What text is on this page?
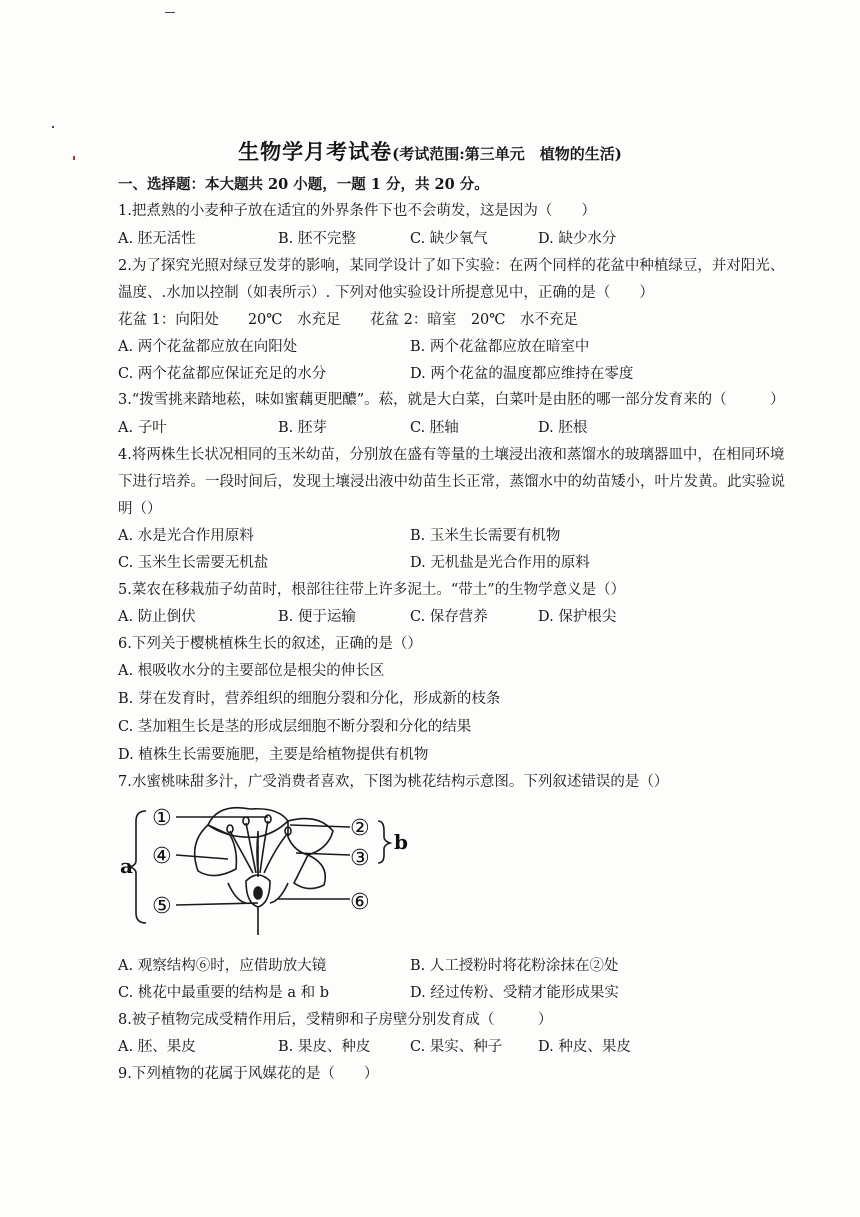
生物学月考试卷(考试范围:第三单元　植物的生活)
一、选择题：本大题共 20 小题，一题 1 分，共 20 分。
1.把煮熟的小麦种子放在适宜的外界条件下也不会萌发，这是因为（　　）
A. 胚无活性	B. 胚不完整	C. 缺少氧气	D. 缺少水分
2.为了探究光照对绿豆发芽的影响，某同学设计了如下实验：在两个同样的花盆中种植绿豆，并对阳光、
温度、.水加以控制（如表所示）. 下列对他实验设计所提意见中，正确的是（　　）
花盆 1：向阳处　　20℃　水充足 花盆 2：暗室　20℃　水不充足
A. 两个花盆都应放在向阳处	B. 两个花盆都应放在暗室中
C. 两个花盆都应保证充足的水分	D. 两个花盆的温度都应维持在零度
3.“拨雪挑来踏地菘，味如蜜藕更肥醲”。菘，就是大白菜，白菜叶是由胚的哪一部分发育来的（　　　）
A. 子叶	B. 胚芽	C. 胚轴	D. 胚根
4.将两株生长状况相同的玉米幼苗，分别放在盛有等量的土壤浸出液和蒸馏水的玻璃器皿中，在相同环境
下进行培养。一段时间后，发现土壤浸出液中幼苗生长正常，蒸馏水中的幼苗矮小，叶片发黄。此实验说
明（）
A. 水是光合作用原料	B. 玉米生长需要有机物
C. 玉米生长需要无机盐	D. 无机盐是光合作用的原料
5.菜农在移栽茄子幼苗时，根部往往带上许多泥土。“带土”的生物学意义是（）
A. 防止倒伏	B. 便于运输	C. 保存营养	D. 保护根尖
6.下列关于樱桃植株生长的叙述，正确的是（）
A. 根吸收水分的主要部位是根尖的伸长区
B. 芽在发育时，营养组织的细胞分裂和分化，形成新的枝条
C. 茎加粗生长是茎的形成层细胞不断分裂和分化的结果
D. 植株生长需要施肥，主要是给植物提供有机物
7.水蜜桃味甜多汁，广受消费者喜欢，下图为桃花结构示意图。下列叙述错误的是（）
①	②
③
④
⑤	⑥
a
b
A. 观察结构⑥时，应借助放大镜	B. 人工授粉时将花粉涂抹在②处
C. 桃花中最重要的结构是 a 和 b	D. 经过传粉、受精才能形成果实
8.被子植物完成受精作用后，受精卵和子房壁分别发育成（　　　）
A. 胚、果皮	B. 果皮、种皮	C. 果实、种子 D. 种皮、果皮
9.下列植物的花属于风媒花的是（　　）
